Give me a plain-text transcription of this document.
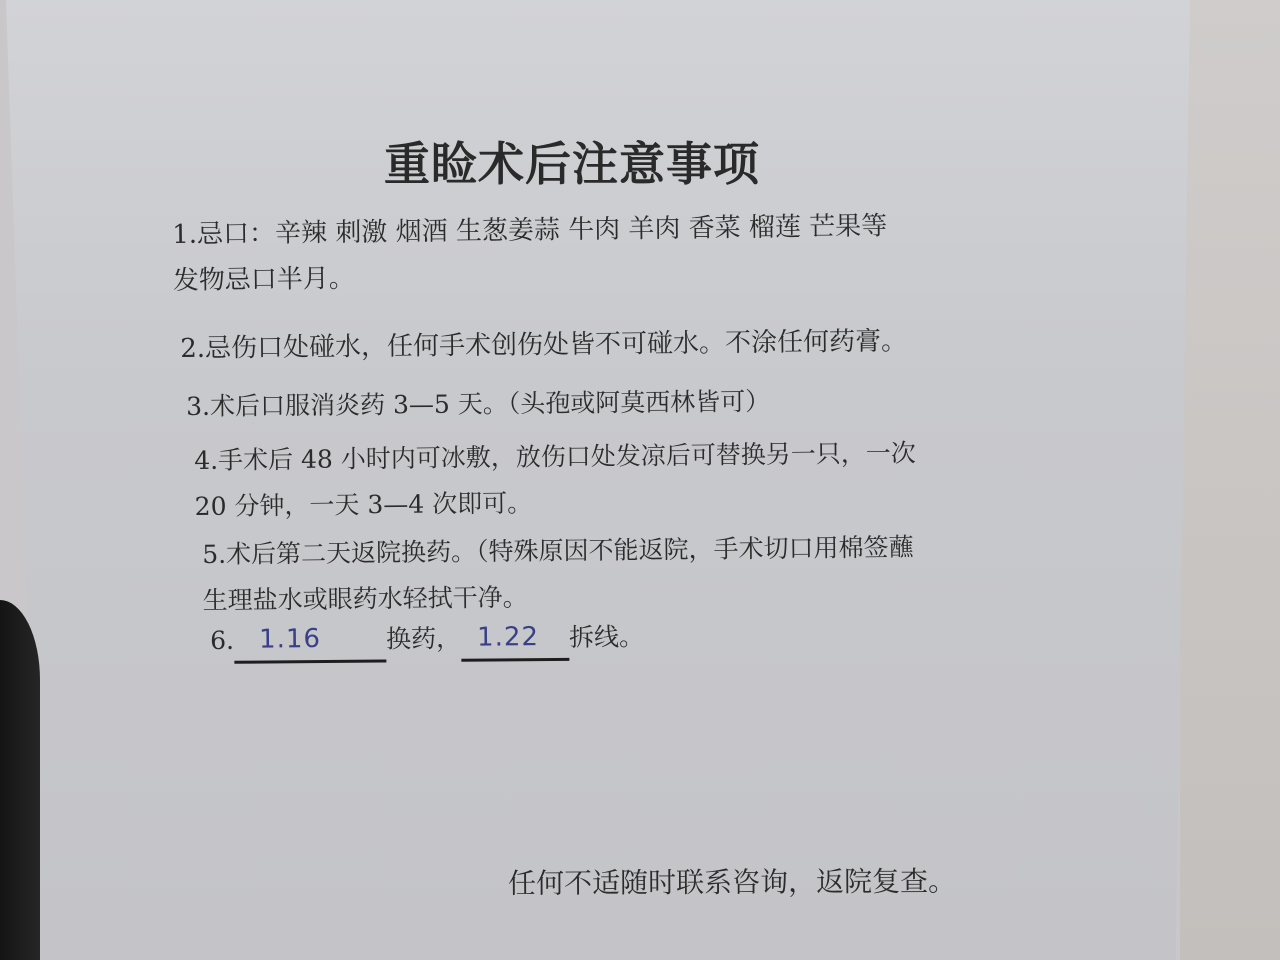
重睑术后注意事项
1.忌口：辛辣 刺激 烟酒 生葱姜蒜 牛肉 羊肉 香菜 榴莲 芒果等
发物忌口半月。
2.忌伤口处碰水，任何手术创伤处皆不可碰水。不涂任何药膏。
3.术后口服消炎药 3—5 天。（头孢或阿莫西林皆可）
4.手术后 48 小时内可冰敷，放伤口处发凉后可替换另一只，一次
20 分钟，一天 3—4 次即可。
5.术后第二天返院换药。（特殊原因不能返院，手术切口用棉签蘸
生理盐水或眼药水轻拭干净。
6. 1.16	换药， 1.22	拆线。
任何不适随时联系咨询，返院复查。
